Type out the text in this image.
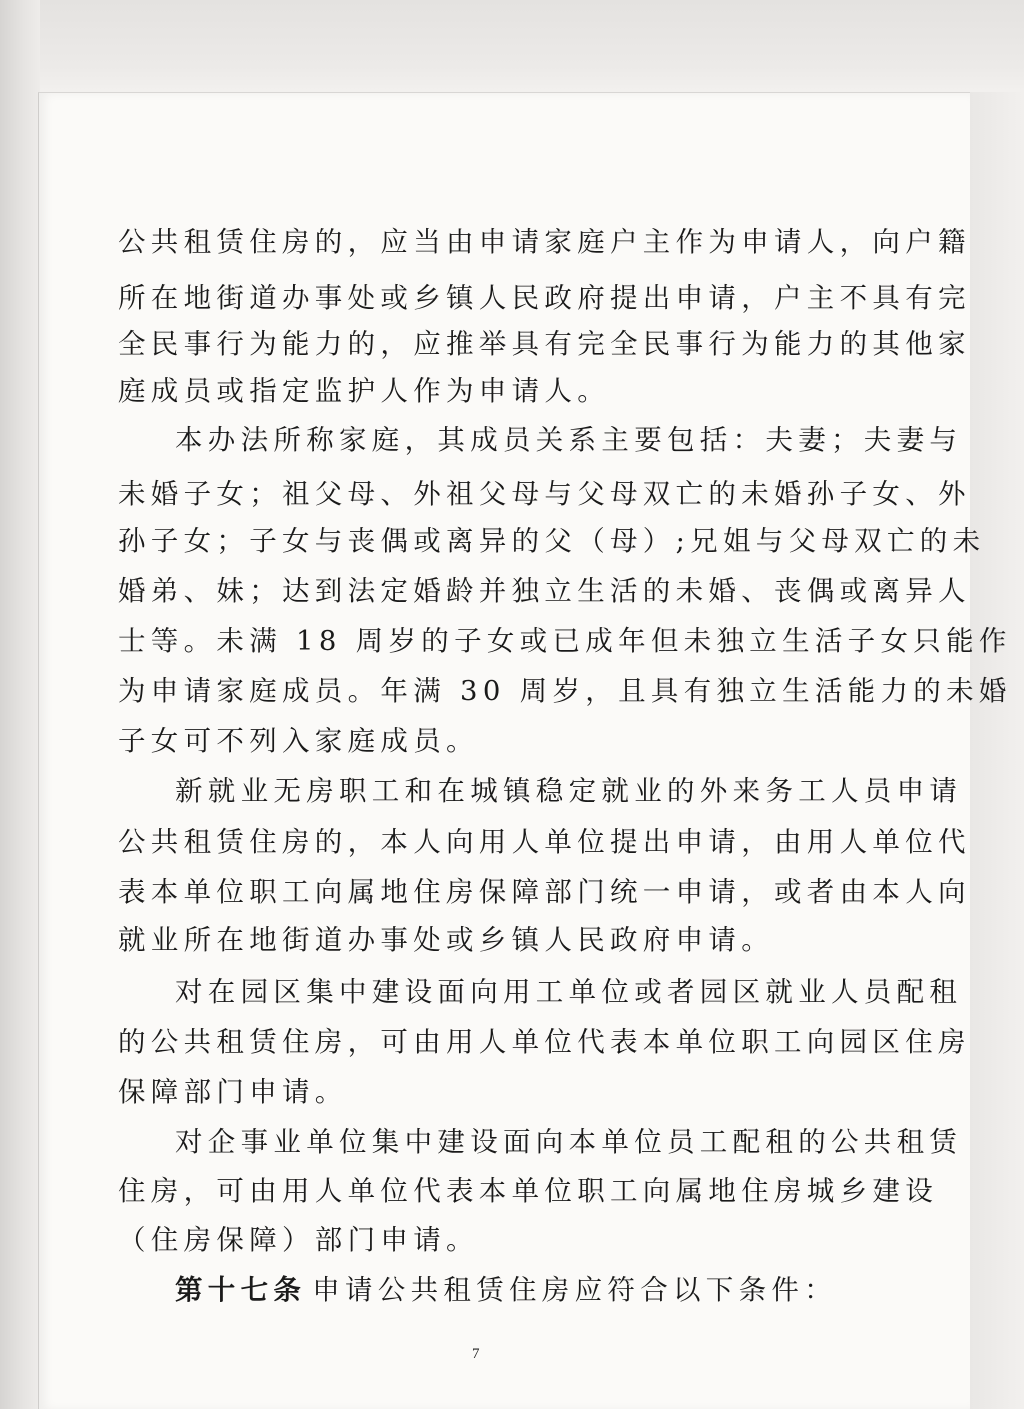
公共租赁住房的，应当由申请家庭户主作为申请人，向户籍
所在地街道办事处或乡镇人民政府提出申请，户主不具有完
全民事行为能力的，应推举具有完全民事行为能力的其他家
庭成员或指定监护人作为申请人。
本办法所称家庭，其成员关系主要包括：夫妻；夫妻与
未婚子女；祖父母、外祖父母与父母双亡的未婚孙子女、外
孙子女；子女与丧偶或离异的父（母）;兄姐与父母双亡的未
婚弟、妹；达到法定婚龄并独立生活的未婚、丧偶或离异人
士等。未满 18 周岁的子女或已成年但未独立生活子女只能作
为申请家庭成员。年满 30 周岁，且具有独立生活能力的未婚
子女可不列入家庭成员。
新就业无房职工和在城镇稳定就业的外来务工人员申请
公共租赁住房的，本人向用人单位提出申请，由用人单位代
表本单位职工向属地住房保障部门统一申请，或者由本人向
就业所在地街道办事处或乡镇人民政府申请。
对在园区集中建设面向用工单位或者园区就业人员配租
的公共租赁住房，可由用人单位代表本单位职工向园区住房
保障部门申请。
对企事业单位集中建设面向本单位员工配租的公共租赁
住房，可由用人单位代表本单位职工向属地住房城乡建设
（住房保障）部门申请。
第十七条 申请公共租赁住房应符合以下条件：
7
